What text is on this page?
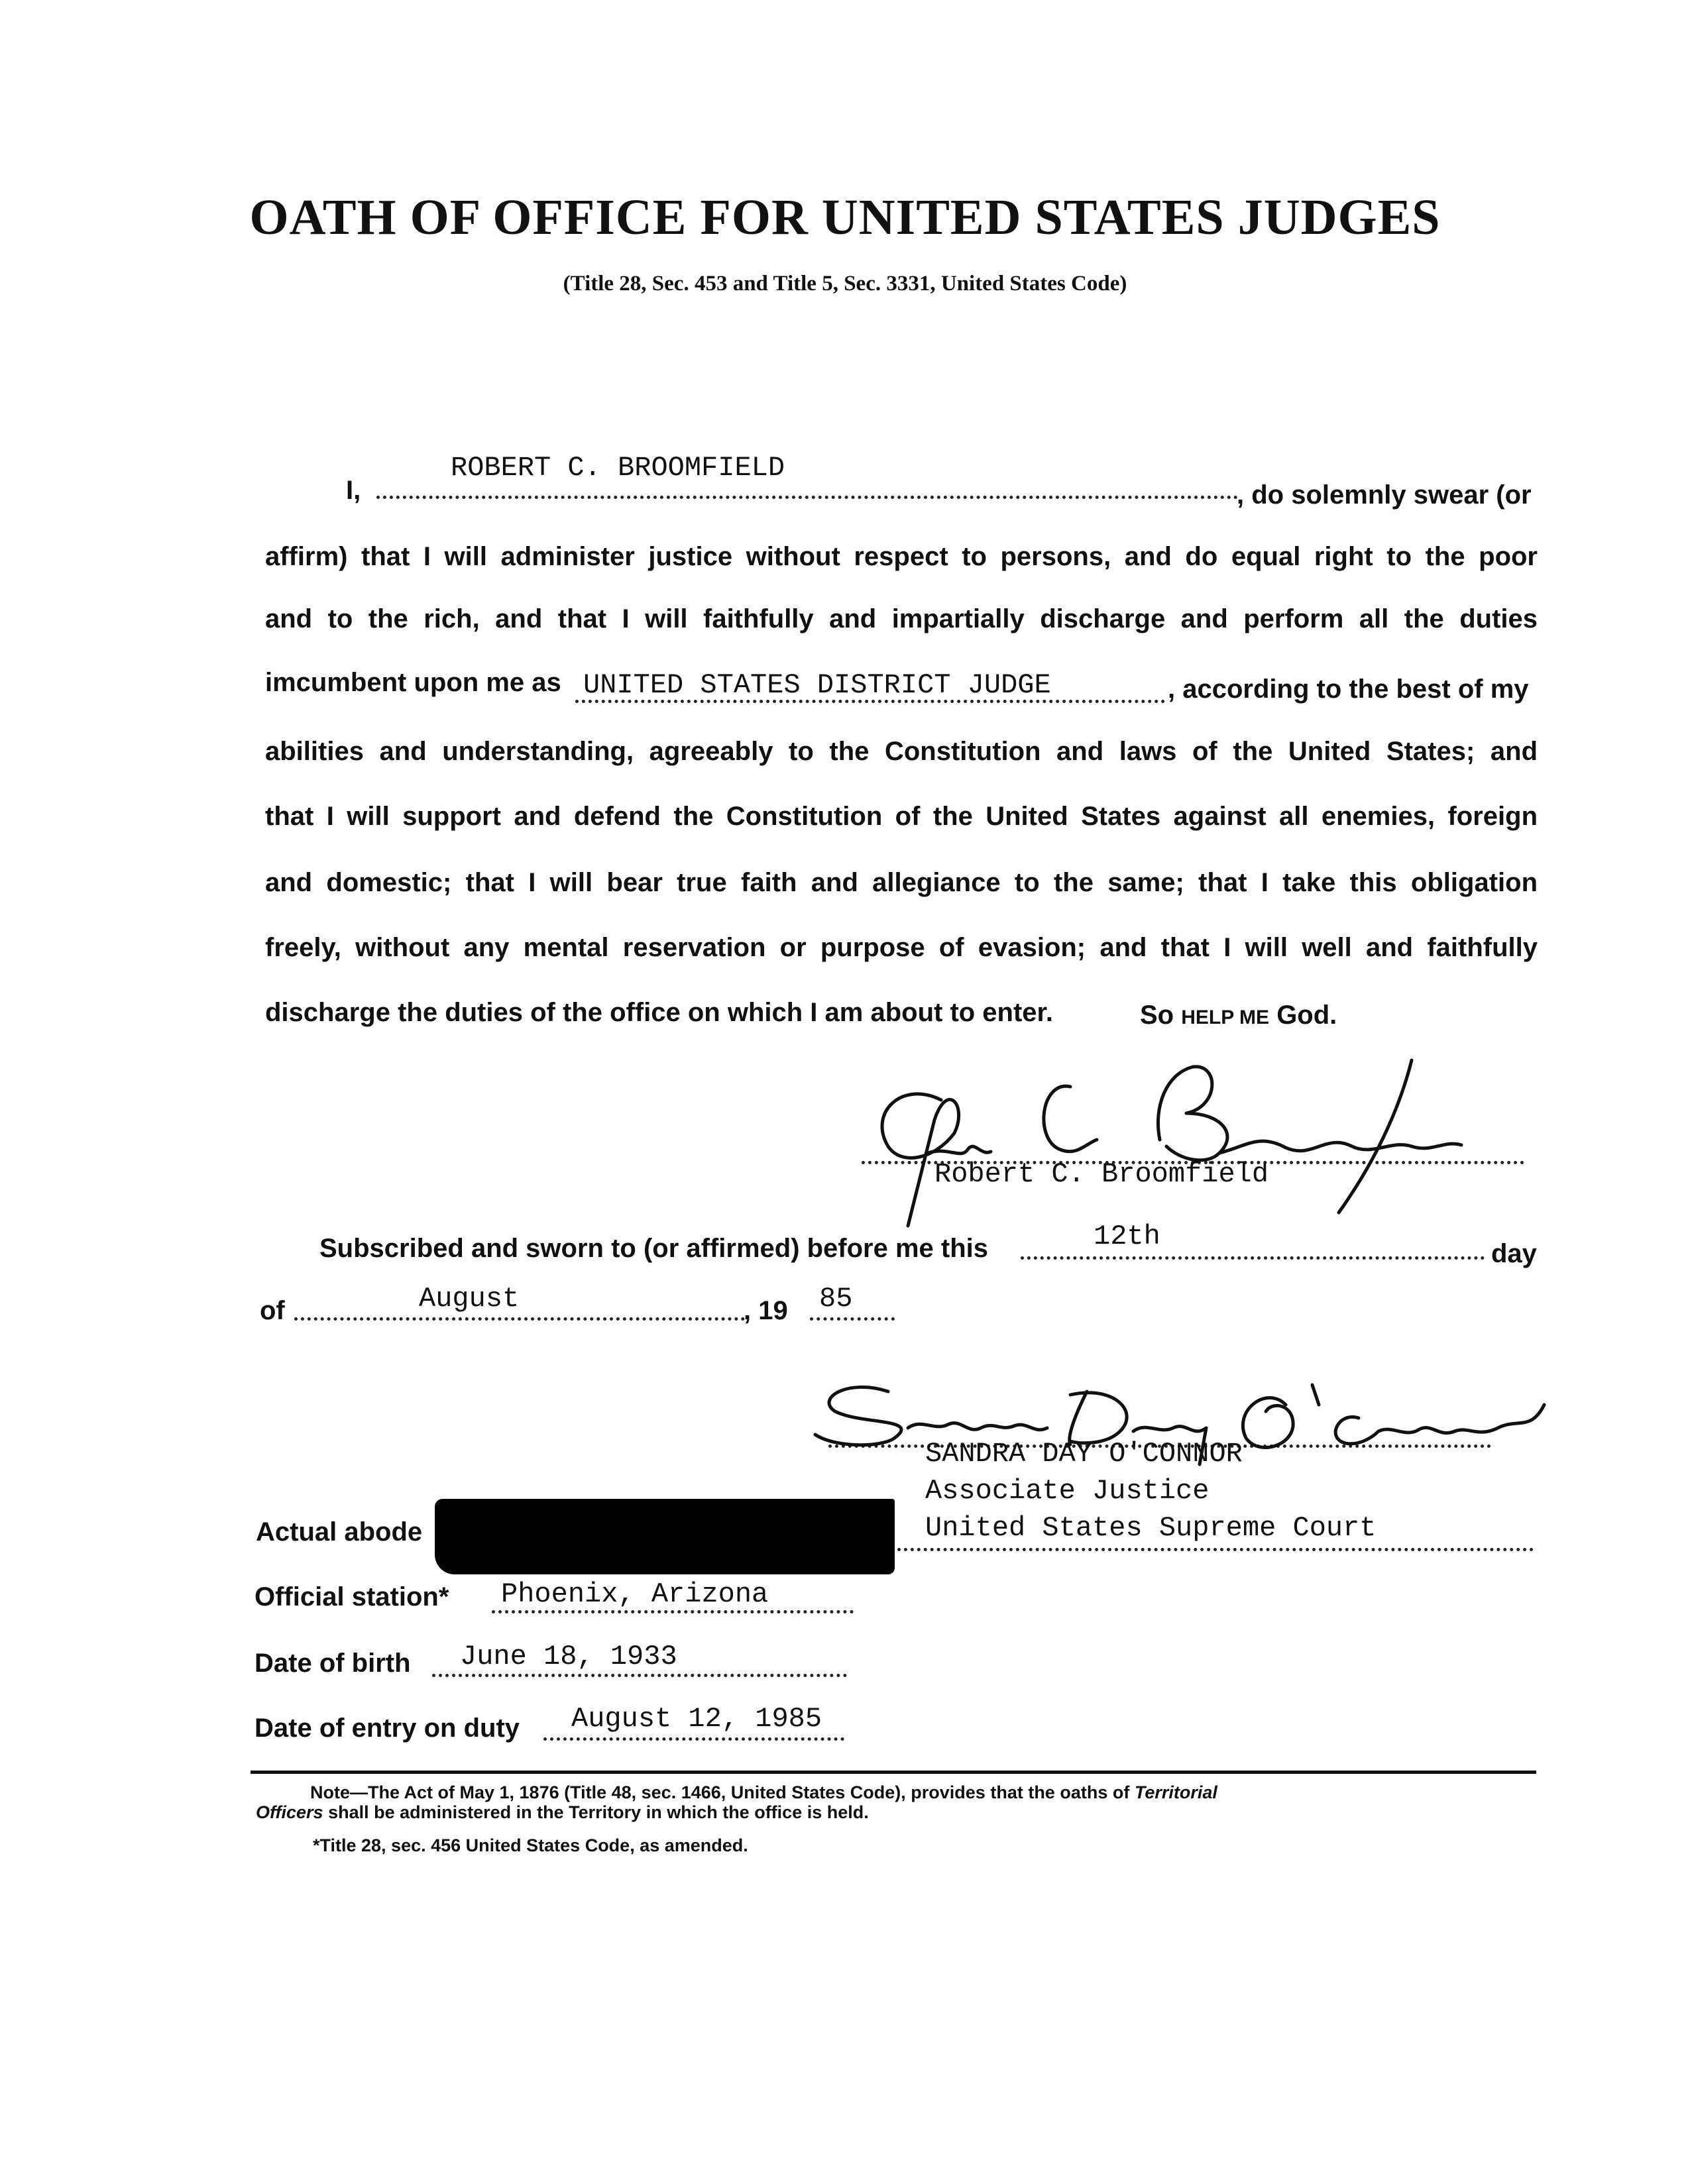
OATH OF OFFICE FOR UNITED STATES JUDGES
(Title 28, Sec. 453 and Title 5, Sec. 3331, United States Code)
I,
ROBERT C. BROOMFIELD
, do solemnly swear (or
affirm) that I will administer justice without respect to persons, and do equal right to the poor
and to the rich, and that I will faithfully and impartially discharge and perform all the duties
imcumbent upon me as UNITED STATES DISTRICT JUDGE	, according to the best of my
abilities and understanding, agreeably to the Constitution and laws of the United States; and
that I will support and defend the Constitution of the United States against all enemies, foreign
and domestic; that I will bear true faith and allegiance to the same; that I take this obligation
freely, without any mental reservation or purpose of evasion; and that I will well and faithfully
discharge the duties of the office on which I am about to enter.	So HELP ME God.
Robert C. Broomfield
Subscribed and sworn to (or affirmed) before me this	12th
day
of	August	, 19 85
SANDRA DAY O'CONNOR
Associate Justice
United States Supreme Court
Actual abode
Official station* Phoenix, Arizona
Date of birth June 18, 1933
Date of entry on duty August 12, 1985
Note—The Act of May 1, 1876 (Title 48, sec. 1466, United States Code), provides that the oaths of Territorial
Officers shall be administered in the Territory in which the office is held.
*Title 28, sec. 456 United States Code, as amended.
